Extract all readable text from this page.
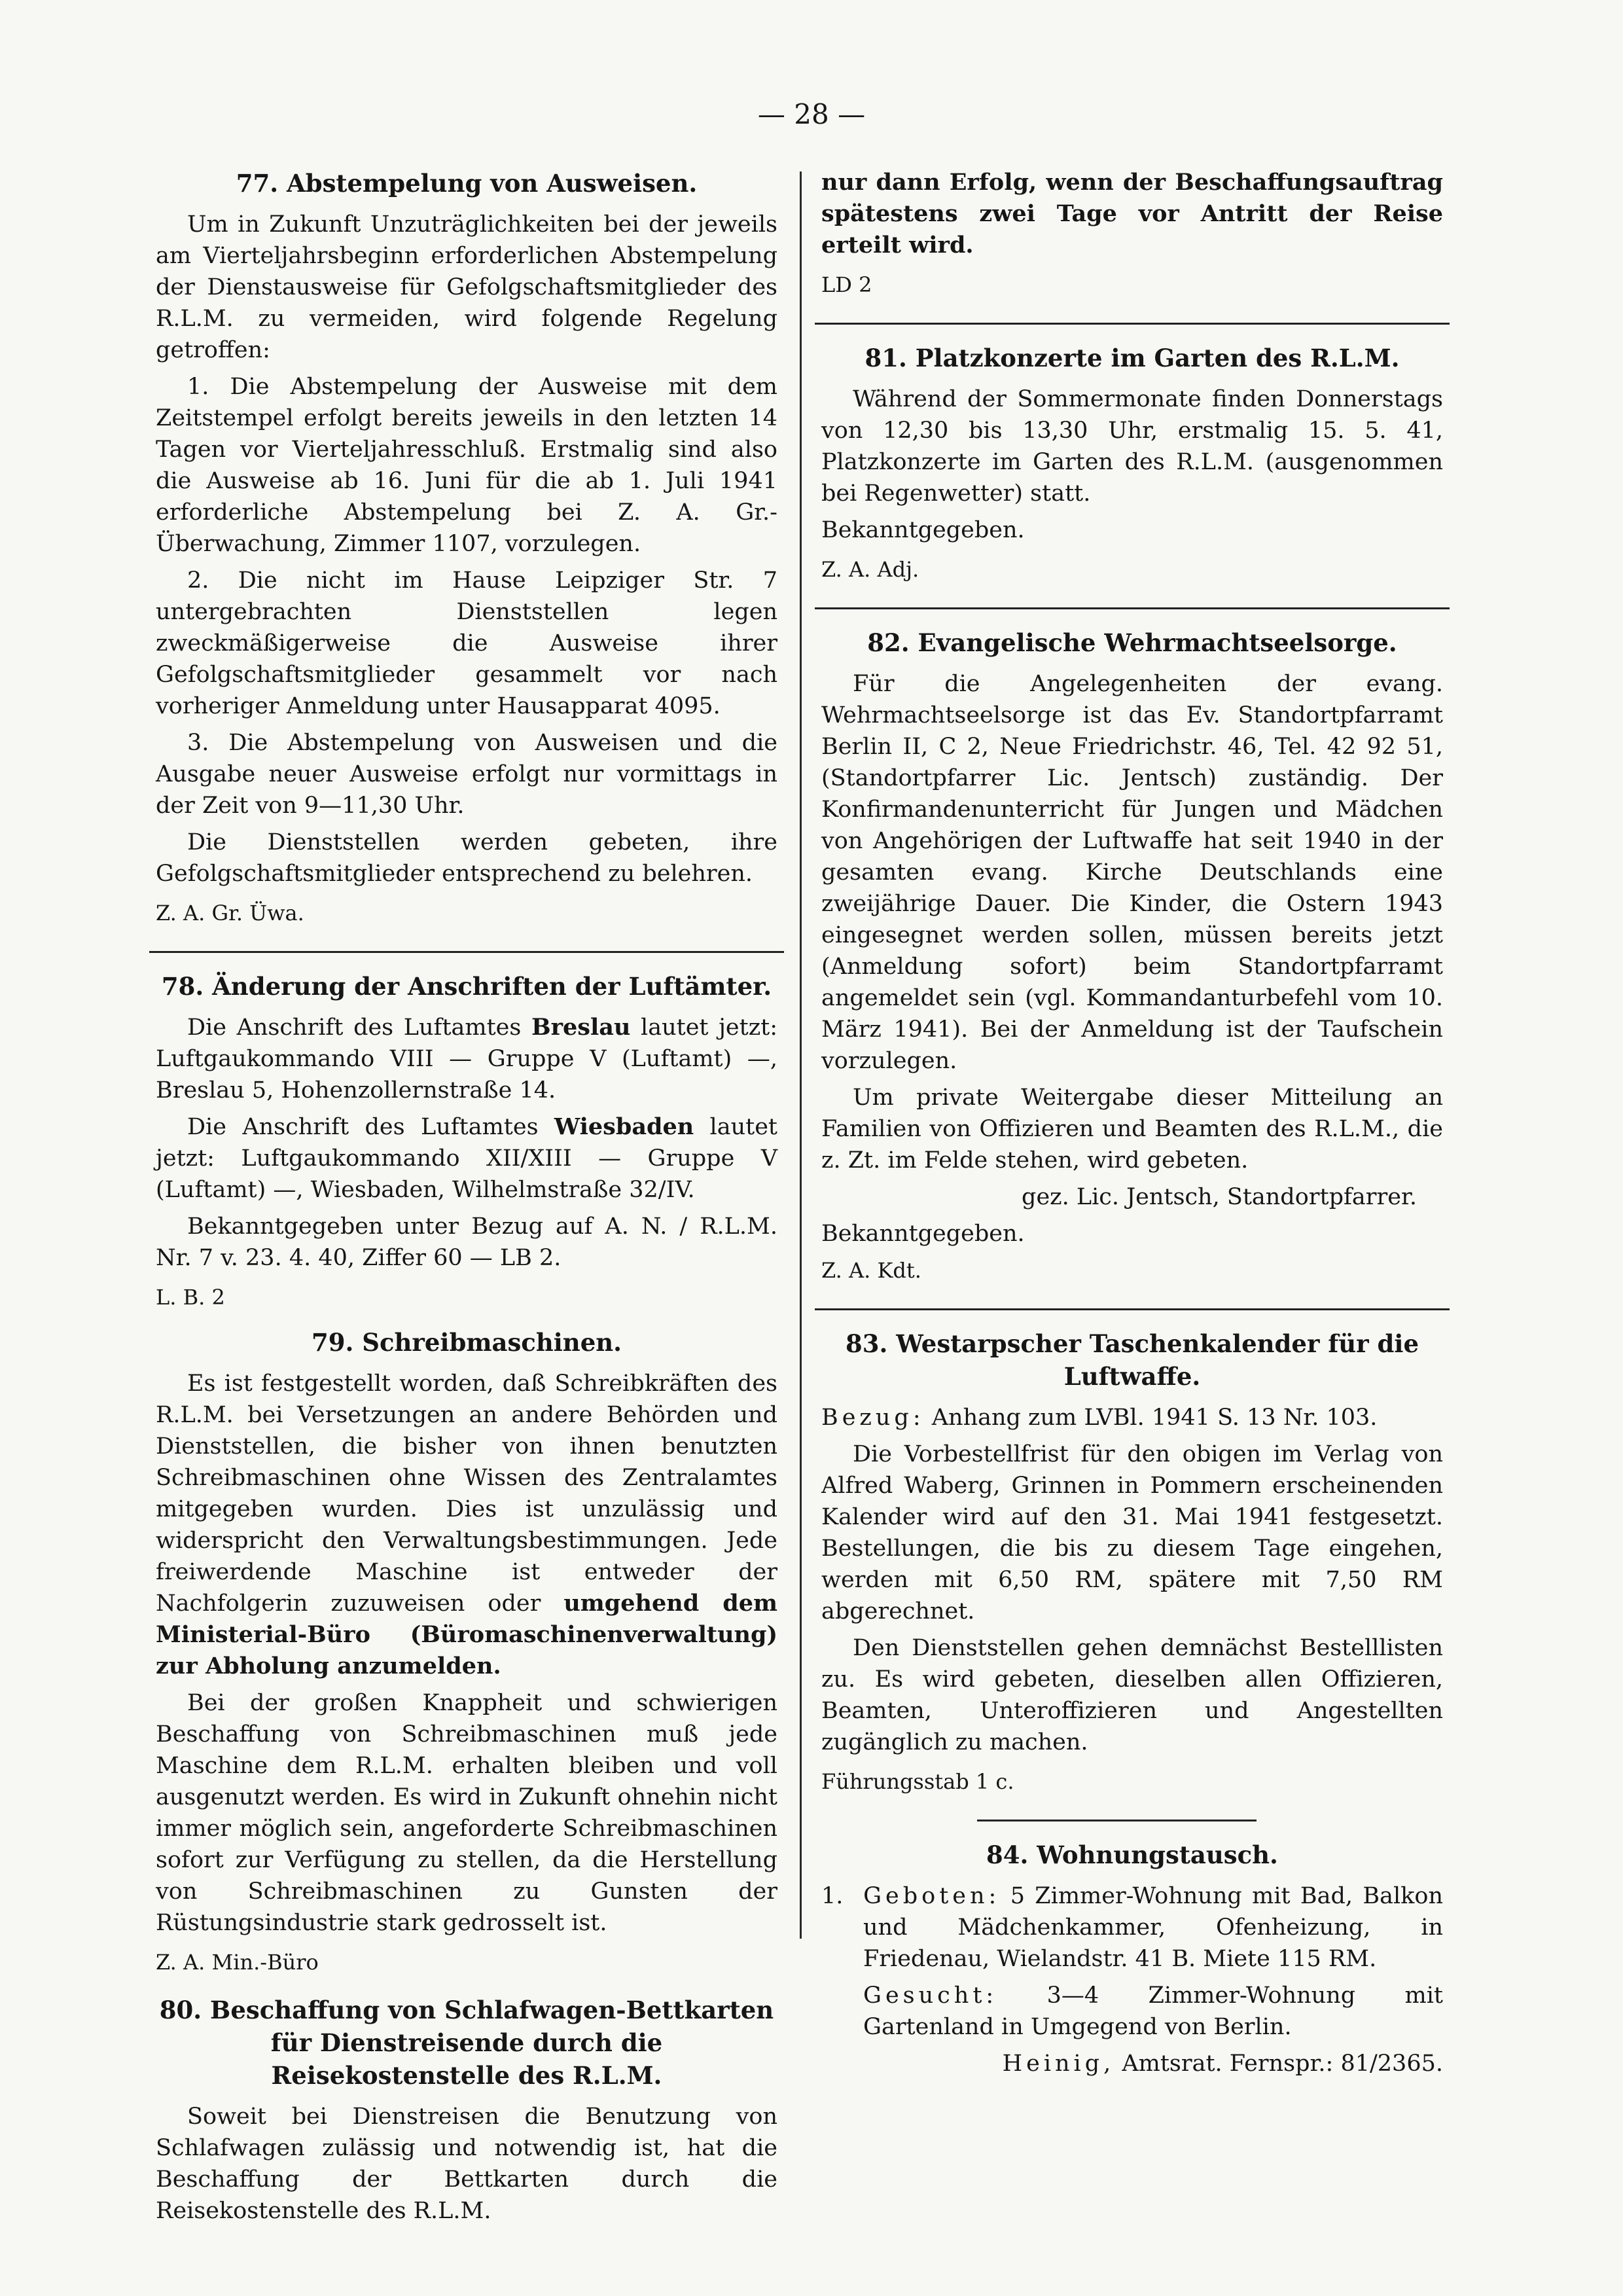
— 28 —
77. Abstempelung von Ausweisen.

Um in Zukunft Unzuträglichkeiten bei der jeweils am Vierteljahrsbeginn erforderlichen Abstempelung der Dienstausweise für Gefolgschaftsmitglieder des R.L.M. zu vermeiden, wird folgende Regelung getroffen:

1. Die Abstempelung der Ausweise mit dem Zeitstempel erfolgt bereits jeweils in den letzten 14 Tagen vor Vierteljahresschluß. Erstmalig sind also die Ausweise ab 16. Juni für die ab 1. Juli 1941 erforderliche Abstempelung bei Z. A. Gr.-Überwachung, Zimmer 1107, vorzulegen.

2. Die nicht im Hause Leipziger Str. 7 untergebrachten Dienststellen legen zweckmäßigerweise die Ausweise ihrer Gefolgschaftsmitglieder gesammelt vor nach vorheriger Anmeldung unter Hausapparat 4095.

3. Die Abstempelung von Ausweisen und die Ausgabe neuer Ausweise erfolgt nur vormittags in der Zeit von 9—11,30 Uhr.

Die Dienststellen werden gebeten, ihre Gefolgschaftsmitglieder entsprechend zu belehren.

Z. A. Gr. Üwa.

78. Änderung der Anschriften der Luftämter.

Die Anschrift des Luftamtes Breslau lautet jetzt: Luftgaukommando VIII — Gruppe V (Luftamt) —, Breslau 5, Hohenzollernstraße 14.

Die Anschrift des Luftamtes Wiesbaden lautet jetzt: Luftgaukommando XII/XIII — Gruppe V (Luftamt) —, Wiesbaden, Wilhelmstraße 32/IV.

Bekanntgegeben unter Bezug auf A. N. / R.L.M. Nr. 7 v. 23. 4. 40, Ziffer 60 — LB 2.

L. B. 2

79. Schreibmaschinen.

Es ist festgestellt worden, daß Schreibkräften des R.L.M. bei Versetzungen an andere Behörden und Dienststellen, die bisher von ihnen benutzten Schreibmaschinen ohne Wissen des Zentralamtes mitgegeben wurden. Dies ist unzulässig und widerspricht den Verwaltungsbestimmungen. Jede freiwerdende Maschine ist entweder der Nachfolgerin zuzuweisen oder umgehend dem Ministerial-Büro (Büromaschinenverwaltung) zur Abholung anzumelden.

Bei der großen Knappheit und schwierigen Beschaffung von Schreibmaschinen muß jede Maschine dem R.L.M. erhalten bleiben und voll ausgenutzt werden. Es wird in Zukunft ohnehin nicht immer möglich sein, angeforderte Schreibmaschinen sofort zur Verfügung zu stellen, da die Herstellung von Schreibmaschinen zu Gunsten der Rüstungsindustrie stark gedrosselt ist.

Z. A. Min.-Büro

80. Beschaffung von Schlafwagen-Bettkarten für Dienstreisende durch die Reisekostenstelle des R.L.M.

Soweit bei Dienstreisen die Benutzung von Schlafwagen zulässig und notwendig ist, hat die Beschaffung der Bettkarten durch die Reisekostenstelle des R.L.M.

nur dann Erfolg, wenn der Beschaffungsauftrag spätestens zwei Tage vor Antritt der Reise erteilt wird.

LD 2

81. Platzkonzerte im Garten des R.L.M.

Während der Sommermonate finden Donnerstags von 12,30 bis 13,30 Uhr, erstmalig 15. 5. 41, Platzkonzerte im Garten des R.L.M. (ausgenommen bei Regenwetter) statt.

Bekanntgegeben.

Z. A. Adj.

82. Evangelische Wehrmachtseelsorge.

Für die Angelegenheiten der evang. Wehrmachtseelsorge ist das Ev. Standortpfarramt Berlin II, C 2, Neue Friedrichstr. 46, Tel. 42 92 51, (Standortpfarrer Lic. Jentsch) zuständig. Der Konfirmandenunterricht für Jungen und Mädchen von Angehörigen der Luftwaffe hat seit 1940 in der gesamten evang. Kirche Deutschlands eine zweijährige Dauer. Die Kinder, die Ostern 1943 eingesegnet werden sollen, müssen bereits jetzt (Anmeldung sofort) beim Standortpfarramt angemeldet sein (vgl. Kommandanturbefehl vom 10. März 1941). Bei der Anmeldung ist der Taufschein vorzulegen.

Um private Weitergabe dieser Mitteilung an Familien von Offizieren und Beamten des R.L.M., die z. Zt. im Felde stehen, wird gebeten.

gez. Lic. Jentsch, Standortpfarrer.

Bekanntgegeben.

Z. A. Kdt.

83. Westarpscher Taschenkalender für die Luftwaffe.

Bezug: Anhang zum LVBl. 1941 S. 13 Nr. 103.

Die Vorbestellfrist für den obigen im Verlag von Alfred Waberg, Grinnen in Pommern erscheinenden Kalender wird auf den 31. Mai 1941 festgesetzt. Bestellungen, die bis zu diesem Tage eingehen, werden mit 6,50 RM, spätere mit 7,50 RM abgerechnet.

Den Dienststellen gehen demnächst Bestelllisten zu. Es wird gebeten, dieselben allen Offizieren, Beamten, Unteroffizieren und Angestellten zugänglich zu machen.

Führungsstab 1 c.

84. Wohnungstausch.
1. Geboten: 5 Zimmer-Wohnung mit Bad, Balkon und Mädchenkammer, Ofenheizung, in Friedenau, Wielandstr. 41 B. Miete 115 RM.
Gesucht: 3—4 Zimmer-Wohnung mit Gartenland in Umgegend von Berlin.
Heinig, Amtsrat. Fernspr.: 81/2365.
